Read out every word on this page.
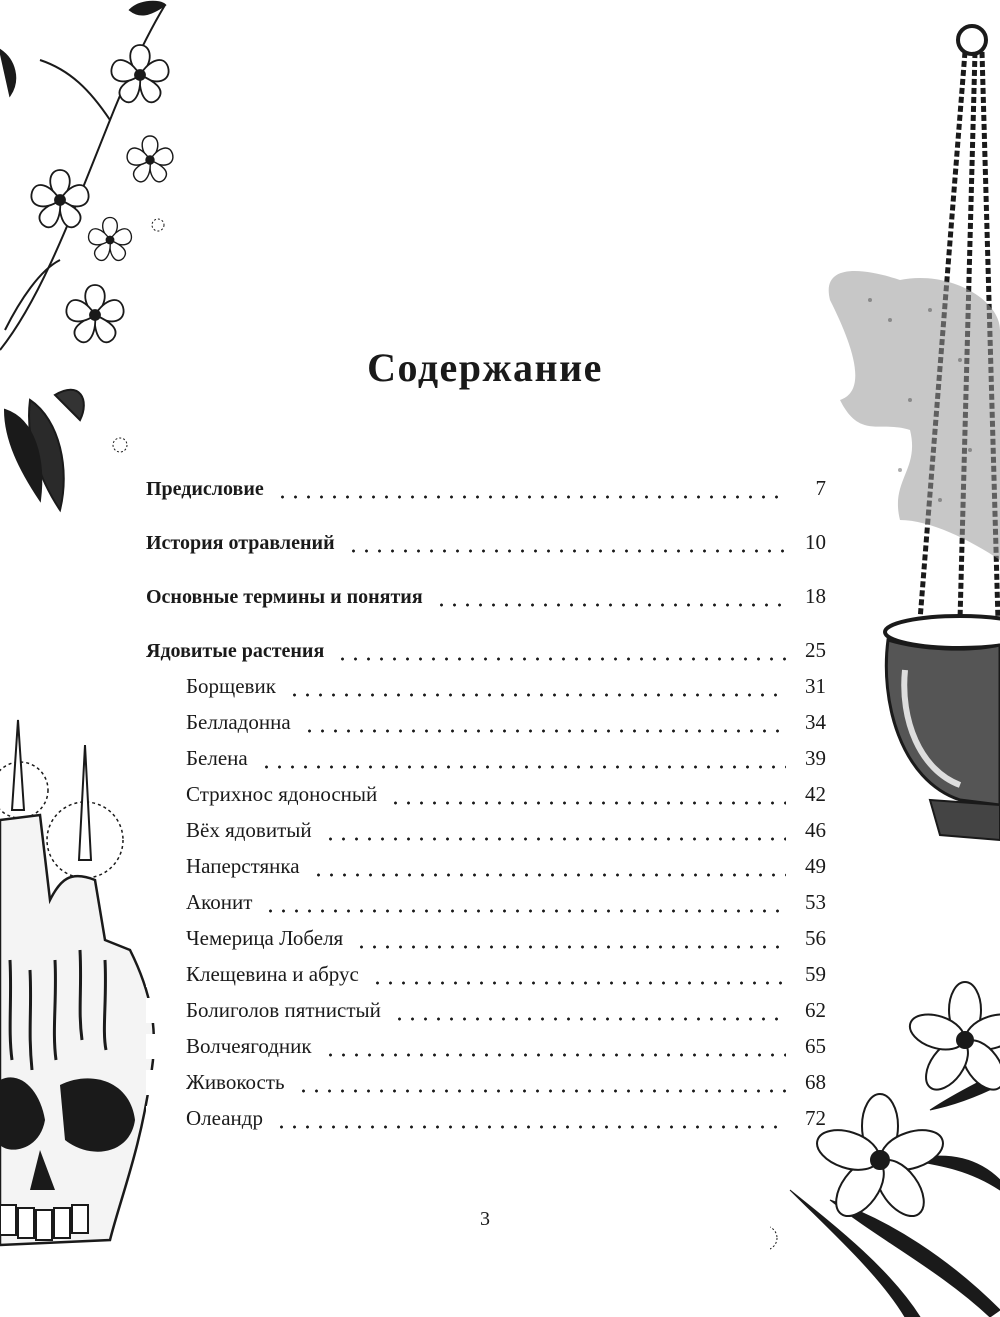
Содержание
Предисловие	7
История отравлений	10
Основные термины и понятия	18
Ядовитые растения	25
Борщевик	31
Белладонна	34
Белена	39
Стрихнос ядоносный	42
Вёх ядовитый	46
Наперстянка	49
Аконит	53
Чемерица Лобеля	56
Клещевина и абрус	59
Болиголов пятнистый	62
Волчеягодник	65
Живокость	68
Олеандр	72
3
